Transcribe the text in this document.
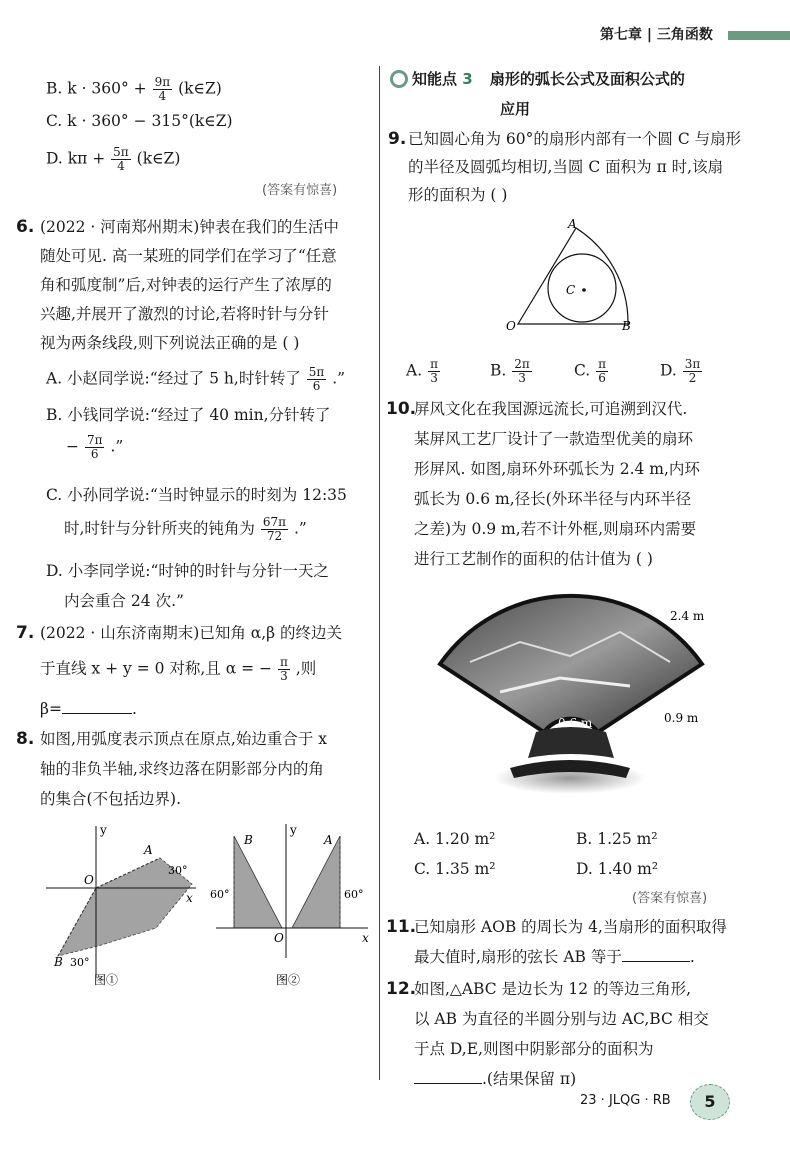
第七章 | 三角函数
B. $k \cdot 360^\circ + \frac{9\pi}{4}$ (k∈Z)
C. k · 360° − 315°(k∈Z)
D. $k\pi + \frac{5\pi}{4}$ (k∈Z)
(答案有惊喜)
6. (2022 · 河南郑州期末)钟表在我们的生活中
随处可见. 高一某班的同学们在学习了“任意
角和弧度制”后,对钟表的运行产生了浓厚的
兴趣,并展开了激烈的讨论,若将时针与分针
视为两条线段,则下列说法正确的是 ( )
A. 小赵同学说:“经过了 5 h,时针转了 $\frac{5\pi}{6}$ .”
B. 小钱同学说:“经过了 40 min,分针转了
− $\frac{7\pi}{6}$ .”
C. 小孙同学说:“当时钟显示的时刻为 12:35
时,时针与分针所夹的钝角为 $\frac{67\pi}{72}$ .”
D. 小李同学说:“时钟的时针与分针一天之
内会重合 24 次.”
7. (2022 · 山东济南期末)已知角 α,β 的终边关
于直线 x + y = 0 对称,且 α = − $\frac{\pi}{3}$ ,则
β=	.
8. 如图,用弧度表示顶点在原点,始边重合于 x
轴的非负半轴,求终边落在阴影部分内的角
的集合(不包括边界).
y
x
O
A
30°
B 30°
图①
y
x
O
B	A
60°	60°
图②
知能点 3 扇形的弧长公式及面积公式的
应用
9. 已知圆心角为 60°的扇形内部有一个圆 C 与扇形
的半径及圆弧均相切,当圆 C 面积为 π 时,该扇
形的面积为 ( )
O
A
B
C
A. $\frac{\pi}{3}$	B. $\frac{2\pi}{3}$	C. $\frac{\pi}{6}$	D. $\frac{3\pi}{2}$
10.
屏风文化在我国源远流长,可追溯到汉代.
某屏风工艺厂设计了一款造型优美的扇环
形屏风. 如图,扇环外环弧长为 2.4 m,内环
弧长为 0.6 m,径长(外环半径与内环半径
之差)为 0.9 m,若不计外框,则扇环内需要
进行工艺制作的面积的估计值为 ( )
2.4 m
0.6 m	0.9 m
A. 1.20 m²	B. 1.25 m²
C. 1.35 m²	D. 1.40 m²
(答案有惊喜)
11.
已知扇形 AOB 的周长为 4,当扇形的面积取得
最大值时,扇形的弦长 AB 等于	.
12.
如图,△ABC 是边长为 12 的等边三角形,
以 AB 为直径的半圆分别与边 AC,BC 相交
于点 D,E,则图中阴影部分的面积为
.(结果保留 π)
23 · JLQG · RB	5
